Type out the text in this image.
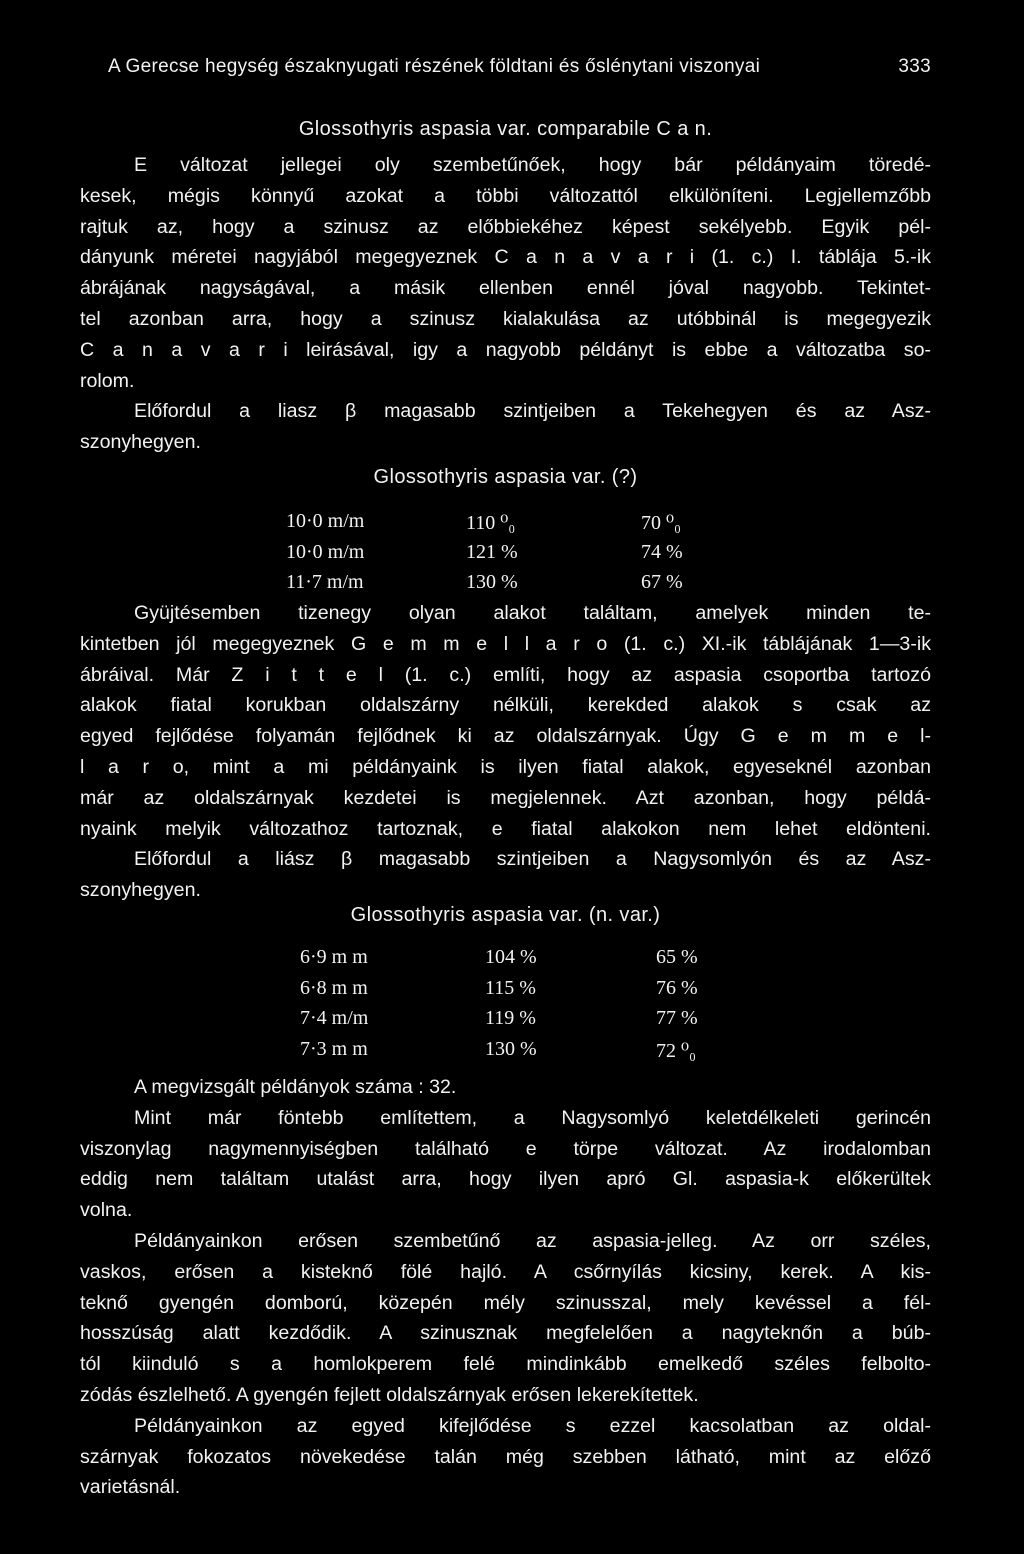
A Gerecse hegység északnyugati részének földtani és őslénytani viszonyai	333
Glossothyris aspasia var. comparabile C a n.
E változat jellegei oly szembetűnőek, hogy bár példányaim töredé-
kesek, mégis könnyű azokat a többi változattól elkülöníteni. Legjellemzőbb
rajtuk az, hogy a szinusz az előbbiekéhez képest sekélyebb. Egyik pél-
dányunk méretei nagyjából megegyeznek C a n a v a r i (1. c.) I. táblája 5.-ik
ábrájának nagyságával, a másik ellenben ennél jóval nagyobb. Tekintet-
tel azonban arra, hogy a szinusz kialakulása az utóbbinál is megegyezik
C a n a v a r i leirásával, igy a nagyobb példányt is ebbe a változatba so-
rolom.
Előfordul a liasz β magasabb szintjeiben a Tekehegyen és az Asz-
szonyhegyen.
Glossothyris aspasia var. (?)
10·0 m/m	110 ⁰₀	70 ⁰₀
10·0 m/m	121 %	74 %
11·7 m/m	130 %	67 %
Gyüjtésemben tizenegy olyan alakot találtam, amelyek minden te-
kintetben jól megegyeznek G e m m e l l a r o (1. c.) XI.-ik táblájának 1—3-ik
ábráival. Már Z i t t e l (1. c.) említi, hogy az aspasia csoportba tartozó
alakok fiatal korukban oldalszárny nélküli, kerekded alakok s csak az
egyed fejlődése folyamán fejlődnek ki az oldalszárnyak. Úgy G e m m e l-
l a r o, mint a mi példányaink is ilyen fiatal alakok, egyeseknél azonban
már az oldalszárnyak kezdetei is megjelennek. Azt azonban, hogy példá-
nyaink melyik változathoz tartoznak, e fiatal alakokon nem lehet eldönteni.
Előfordul a liász β magasabb szintjeiben a Nagysomlyón és az Asz-
szonyhegyen.
Glossothyris aspasia var. (n. var.)
6·9 m m	104 %	65 %
6·8 m m	115 %	76 %
7·4 m/m	119 %	77 %
7·3 m m	130 %	72 ⁰₀
A megvizsgált példányok száma : 32.
Mint már föntebb említettem, a Nagysomlyó keletdélkeleti gerincén
viszonylag nagymennyiségben található e törpe változat. Az irodalomban
eddig nem találtam utalást arra, hogy ilyen apró Gl. aspasia-k előkerültek
volna.
Példányainkon erősen szembetűnő az aspasia-jelleg. Az orr széles,
vaskos, erősen a kisteknő fölé hajló. A csőrnyílás kicsiny, kerek. A kis-
teknő gyengén domború, közepén mély szinusszal, mely kevéssel a fél-
hosszúság alatt kezdődik. A szinusznak megfelelően a nagyteknőn a búb-
tól kiinduló s a homlokperem felé mindinkább emelkedő széles felbolto-
zódás észlelhető. A gyengén fejlett oldalszárnyak erősen lekerekítettek.
Példányainkon az egyed kifejlődése s ezzel kacsolatban az oldal-
szárnyak fokozatos növekedése talán még szebben látható, mint az előző
varietásnál.
